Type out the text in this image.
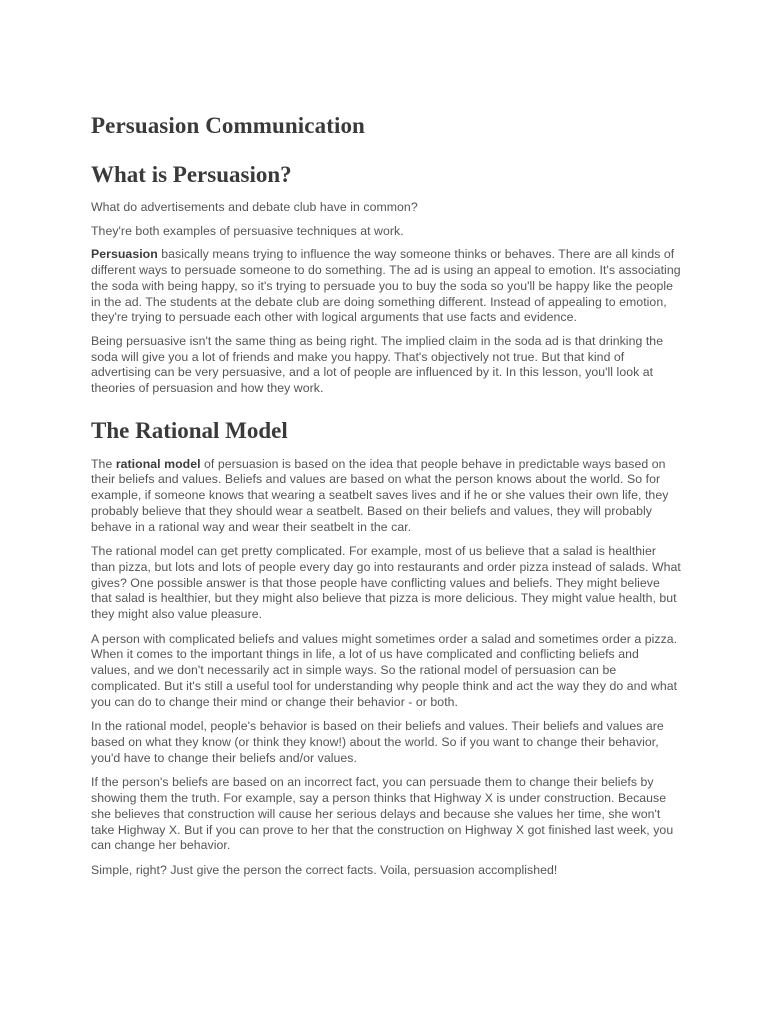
Persuasion Communication
What is Persuasion?

What do advertisements and debate club have in common?

They're both examples of persuasive techniques at work.

Persuasion basically means trying to influence the way someone thinks or behaves. There are all kinds of different ways to persuade someone to do something. The ad is using an appeal to emotion. It's associating the soda with being happy, so it's trying to persuade you to buy the soda so you'll be happy like the people in the ad. The students at the debate club are doing something different. Instead of appealing to emotion, they're trying to persuade each other with logical arguments that use facts and evidence.

Being persuasive isn't the same thing as being right. The implied claim in the soda ad is that drinking the soda will give you a lot of friends and make you happy. That's objectively not true. But that kind of advertising can be very persuasive, and a lot of people are influenced by it. In this lesson, you'll look at theories of persuasion and how they work.

The Rational Model

The rational model of persuasion is based on the idea that people behave in predictable ways based on their beliefs and values. Beliefs and values are based on what the person knows about the world. So for example, if someone knows that wearing a seatbelt saves lives and if he or she values their own life, they probably believe that they should wear a seatbelt. Based on their beliefs and values, they will probably behave in a rational way and wear their seatbelt in the car.

The rational model can get pretty complicated. For example, most of us believe that a salad is healthier than pizza, but lots and lots of people every day go into restaurants and order pizza instead of salads. What gives? One possible answer is that those people have conflicting values and beliefs. They might believe that salad is healthier, but they might also believe that pizza is more delicious. They might value health, but they might also value pleasure.

A person with complicated beliefs and values might sometimes order a salad and sometimes order a pizza. When it comes to the important things in life, a lot of us have complicated and conflicting beliefs and values, and we don't necessarily act in simple ways. So the rational model of persuasion can be complicated. But it's still a useful tool for understanding why people think and act the way they do and what you can do to change their mind or change their behavior - or both.

In the rational model, people's behavior is based on their beliefs and values. Their beliefs and values are based on what they know (or think they know!) about the world. So if you want to change their behavior, you'd have to change their beliefs and/or values.

If the person's beliefs are based on an incorrect fact, you can persuade them to change their beliefs by showing them the truth. For example, say a person thinks that Highway X is under construction. Because she believes that construction will cause her serious delays and because she values her time, she won't take Highway X. But if you can prove to her that the construction on Highway X got finished last week, you can change her behavior.

Simple, right? Just give the person the correct facts. Voila, persuasion accomplished!
